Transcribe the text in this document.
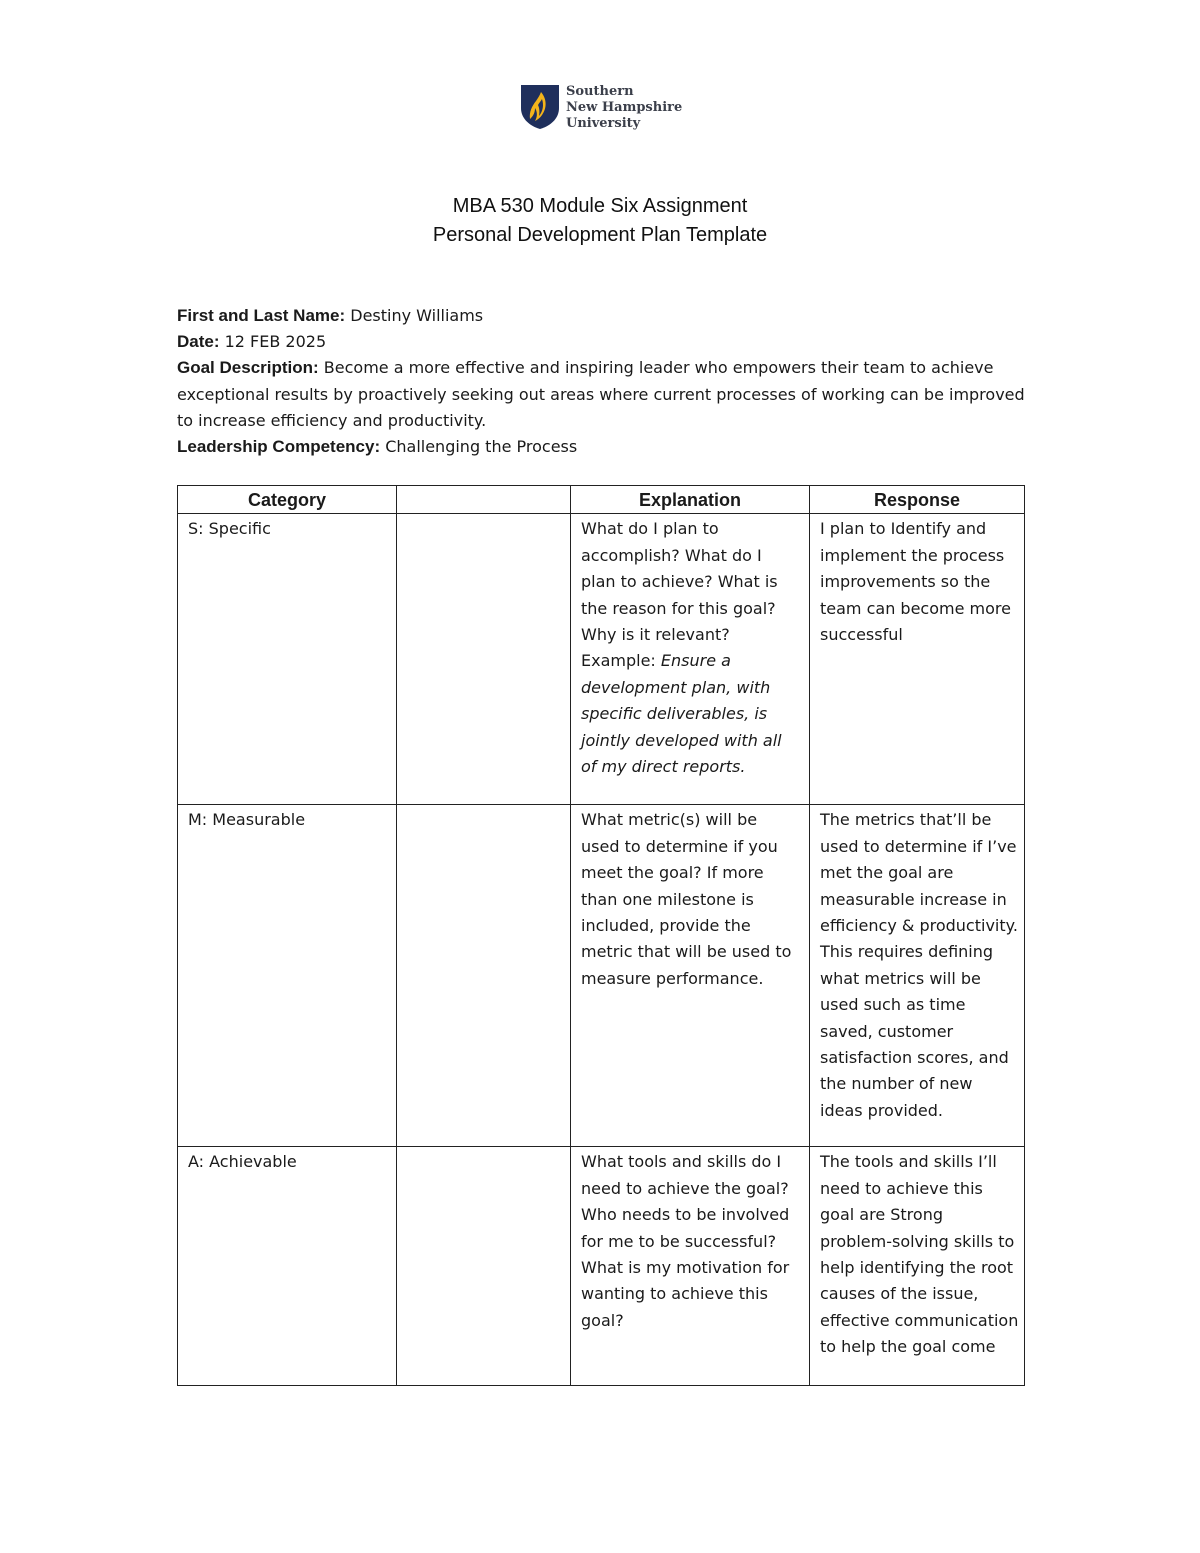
Southern
New Hampshire
University
MBA 530 Module Six Assignment
Personal Development Plan Template

First and Last Name: Destiny Williams

Date: 12 FEB 2025

Goal Description: Become a more effective and inspiring leader who empowers their team to achieve exceptional results by proactively seeking out areas where current processes of working can be improved to increase efficiency and productivity.

Leadership Competency: Challenging the Process

Category		Explanation	Response
S: Specific		What do I plan to accomplish? What do I plan to achieve? What is the reason for this goal? Why is it relevant? Example: Ensure a development plan, with specific deliverables, is jointly developed with all of my direct reports.	I plan to Identify and implement the process improvements so the team can become more successful
M: Measurable		What metric(s) will be used to determine if you meet the goal? If more than one milestone is included, provide the metric that will be used to measure performance.	The metrics that’ll be used to determine if I’ve met the goal are measurable increase in efficiency & productivity. This requires defining what metrics will be used such as time saved, customer satisfaction scores, and the number of new ideas provided.
A: Achievable		What tools and skills do I need to achieve the goal? Who needs to be involved for me to be successful? What is my motivation for wanting to achieve this goal?	The tools and skills I’ll need to achieve this goal are Strong problem-solving skills to help identifying the root causes of the issue, effective communication to help the goal come
